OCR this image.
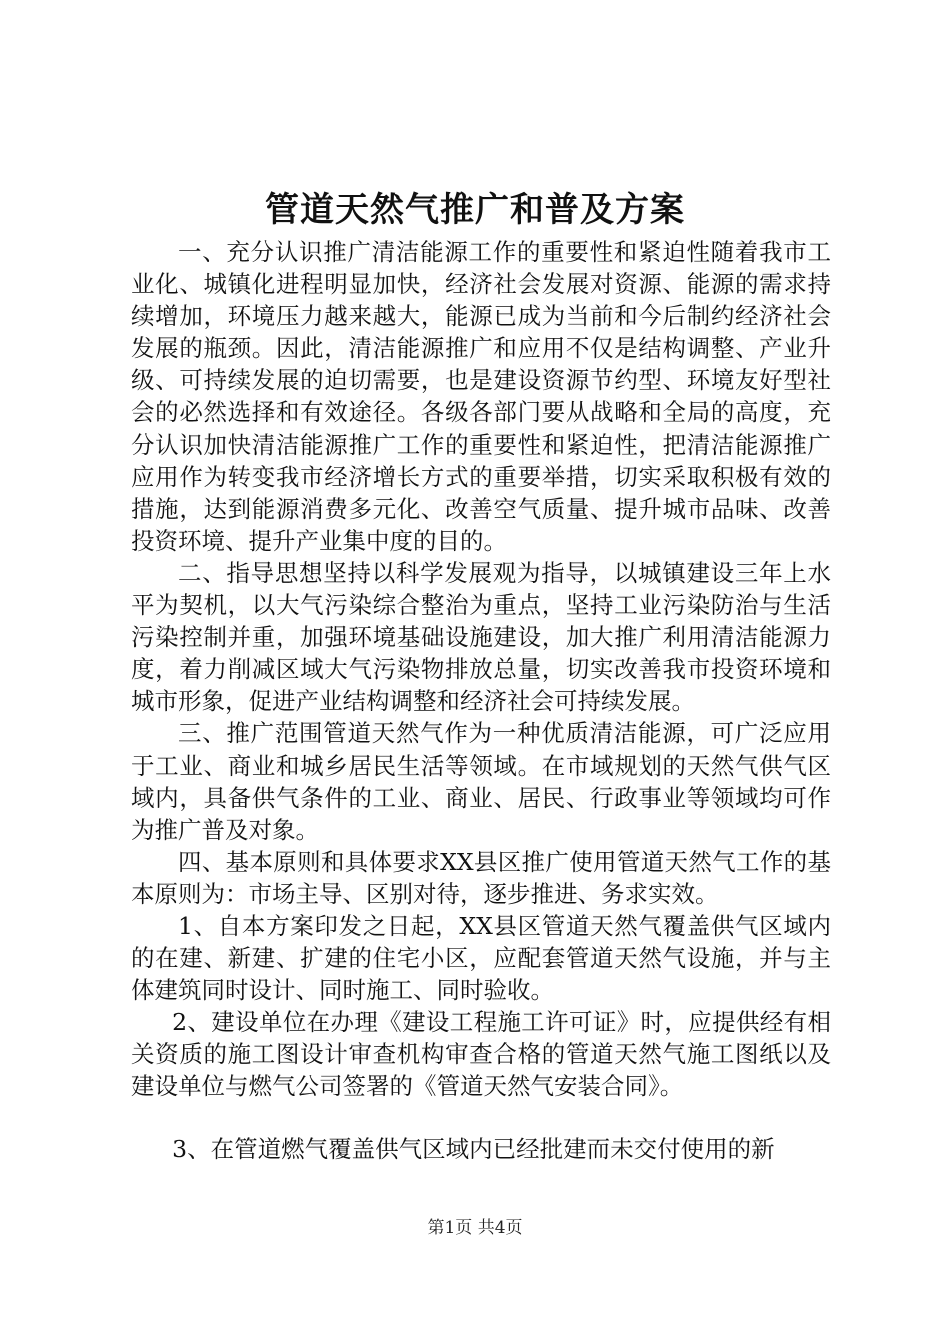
管道天然气推广和普及方案

一、充分认识推广清洁能源工作的重要性和紧迫性随着我市工业化、城镇化进程明显加快，经济社会发展对资源、能源的需求持续增加，环境压力越来越大，能源已成为当前和今后制约经济社会发展的瓶颈。因此，清洁能源推广和应用不仅是结构调整、产业升级、可持续发展的迫切需要，也是建设资源节约型、环境友好型社会的必然选择和有效途径。各级各部门要从战略和全局的高度，充分认识加快清洁能源推广工作的重要性和紧迫性，把清洁能源推广应用作为转变我市经济增长方式的重要举措，切实采取积极有效的措施，达到能源消费多元化、改善空气质量、提升城市品味、改善投资环境、提升产业集中度的目的。

二、指导思想坚持以科学发展观为指导，以城镇建设三年上水平为契机，以大气污染综合整治为重点，坚持工业污染防治与生活污染控制并重，加强环境基础设施建设，加大推广利用清洁能源力度，着力削减区域大气污染物排放总量，切实改善我市投资环境和城市形象，促进产业结构调整和经济社会可持续发展。

三、推广范围管道天然气作为一种优质清洁能源，可广泛应用于工业、商业和城乡居民生活等领域。在市域规划的天然气供气区域内，具备供气条件的工业、商业、居民、行政事业等领域均可作为推广普及对象。

四、基本原则和具体要求XX县区推广使用管道天然气工作的基本原则为：市场主导、区别对待，逐步推进、务求实效。

1、自本方案印发之日起，XX县区管道天然气覆盖供气区域内的在建、新建、扩建的住宅小区，应配套管道天然气设施，并与主体建筑同时设计、同时施工、同时验收。

2、建设单位在办理《建设工程施工许可证》时，应提供经有相关资质的施工图设计审查机构审查合格的管道天然气施工图纸以及建设单位与燃气公司签署的《管道天然气安装合同》。

3、在管道燃气覆盖供气区域内已经批建而未交付使用的新

第1页 共4页
